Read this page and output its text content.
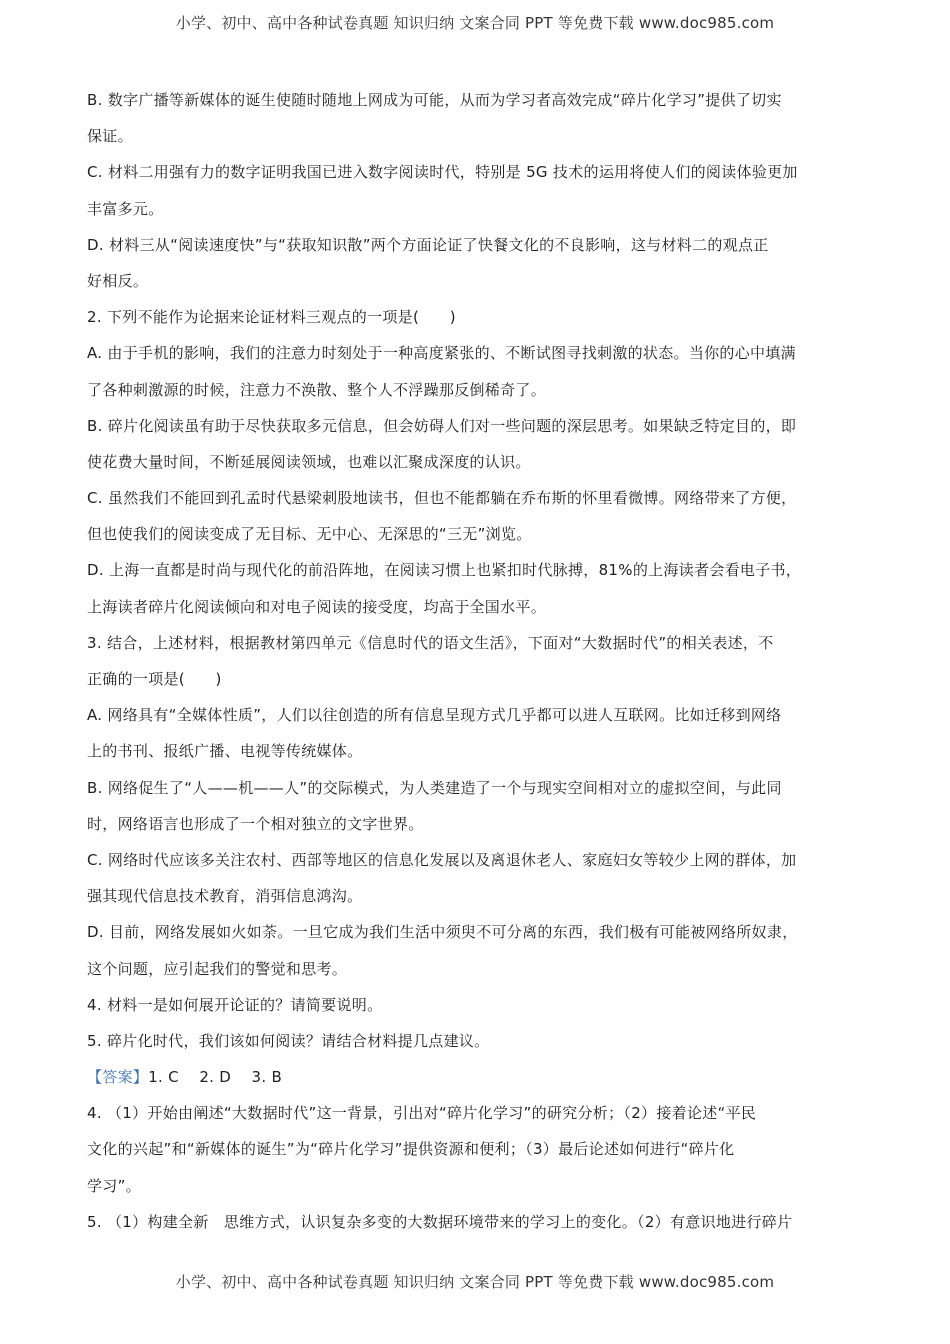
小学、初中、高中各种试卷真题 知识归纳 文案合同 PPT 等免费下载 www.doc985.com
B. 数字广播等新媒体的诞生使随时随地上网成为可能，从而为学习者高效完成“碎片化学习”提供了切实
保证。
C. 材料二用强有力的数字证明我国已进入数字阅读时代，特别是 5G 技术的运用将使人们的阅读体验更加
丰富多元。
D. 材料三从“阅读速度快”与“获取知识散”两个方面论证了快餐文化的不良影响，这与材料二的观点正
好相反。
2. 下列不能作为论据来论证材料三观点的一项是(　　)
A. 由于手机的影响，我们的注意力时刻处于一种高度紧张的、不断试图寻找刺激的状态。当你的心中填满
了各种刺激源的时候，注意力不涣散、整个人不浮躁那反倒稀奇了。
B. 碎片化阅读虽有助于尽快获取多元信息，但会妨碍人们对一些问题的深层思考。如果缺乏特定目的，即
使花费大量时间，不断延展阅读领域，也难以汇聚成深度的认识。
C. 虽然我们不能回到孔孟时代悬梁刺股地读书，但也不能都躺在乔布斯的怀里看微博。网络带来了方便，
但也使我们的阅读变成了无目标、无中心、无深思的“三无”浏览。
D. 上海一直都是时尚与现代化的前沿阵地，在阅读习惯上也紧扣时代脉搏，81%的上海读者会看电子书，
上海读者碎片化阅读倾向和对电子阅读的接受度，均高于全国水平。
3. 结合，上述材料，根据教材第四单元《信息时代的语文生活》，下面对“大数据时代”的相关表述，不
正确的一项是(　　)
A. 网络具有“全媒体性质”，人们以往创造的所有信息呈现方式几乎都可以进人互联网。比如迁移到网络
上的书刊、报纸广播、电视等传统媒体。
B. 网络促生了“人——机——人”的交际模式，为人类建造了一个与现实空间相对立的虚拟空间，与此同
时，网络语言也形成了一个相对独立的文字世界。
C. 网络时代应该多关注农村、西部等地区的信息化发展以及离退休老人、家庭妇女等较少上网的群体，加
强其现代信息技术教育，消弭信息鸿沟。
D. 目前，网络发展如火如荼。一旦它成为我们生活中须臾不可分离的东西，我们极有可能被网络所奴隶，
这个问题，应引起我们的警觉和思考。
4. 材料一是如何展开论证的？请简要说明。
5. 碎片化时代，我们该如何阅读？请结合材料提几点建议。
【答案】1. C　 2. D　 3. B
4. （1）开始由阐述“大数据时代”这一背景，引出对“碎片化学习”的研究分析；（2）接着论述“平民
文化的兴起”和“新媒体的诞生”为“碎片化学习”提供资源和便利；（3）最后论述如何进行“碎片化
学习”。
5. （1）构建全新　思维方式，认识复杂多变的大数据环境带来的学习上的变化。（2）有意识地进行碎片
小学、初中、高中各种试卷真题 知识归纳 文案合同 PPT 等免费下载 www.doc985.com
